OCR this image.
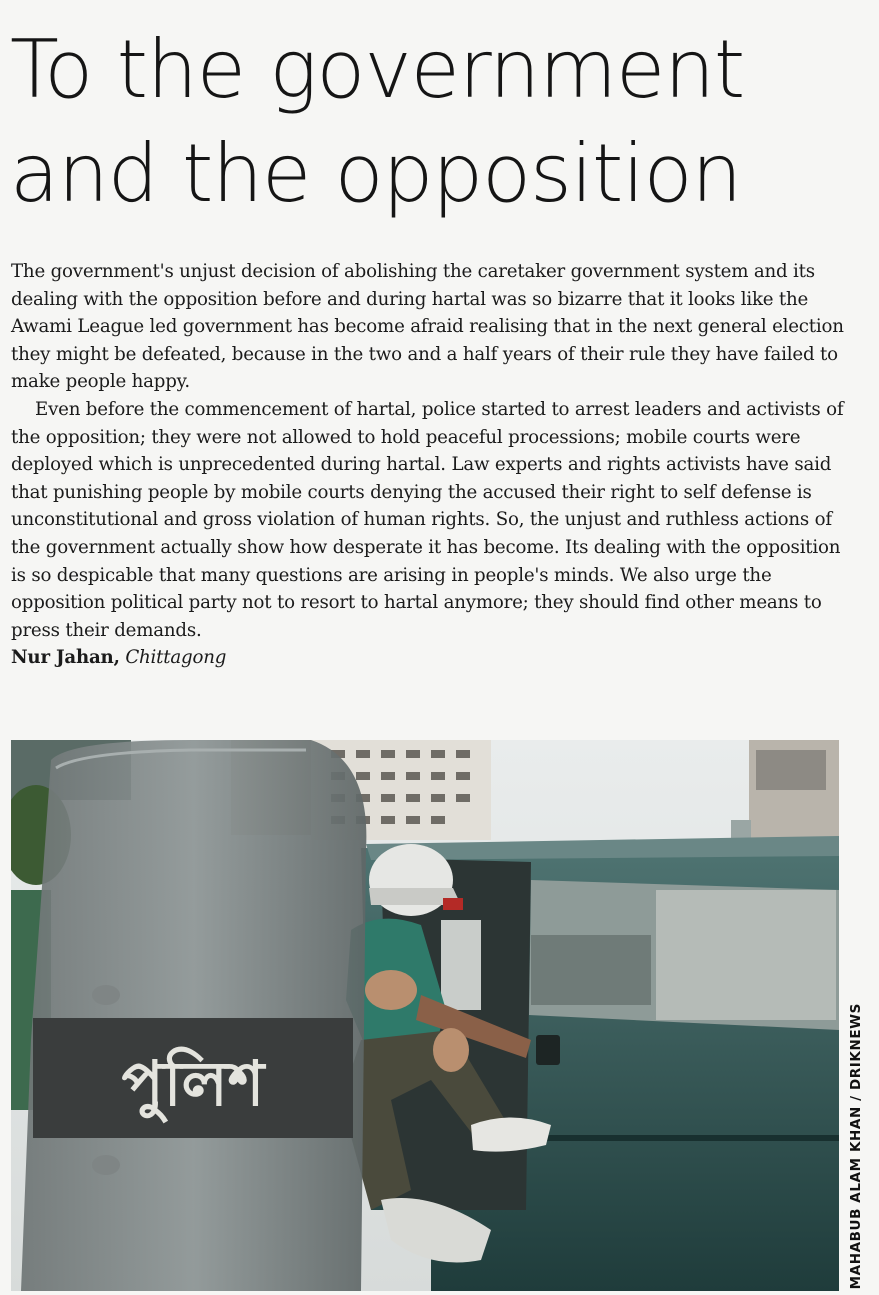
To the government
and the opposition

The government's unjust decision of abolishing the caretaker government system and its dealing with the opposition before and during hartal was so bizarre that it looks like the Awami League led government has become afraid realising that in the next general election they might be defeated, because in the two and a half years of their rule they have failed to make people happy.

Even before the commencement of hartal, police started to arrest leaders and activists of the opposition; they were not allowed to hold peaceful processions; mobile courts were deployed which is unprecedented during hartal. Law experts and rights activists have said that punishing people by mobile courts denying the accused their right to self defense is unconstitutional and gross violation of human rights. So, the unjust and ruthless actions of the government actually show how desperate it has become. Its dealing with the opposition is so despicable that many questions are arising in people's minds. We also urge the opposition political party not to resort to hartal anymore; they should find other means to press their demands.

Nur Jahan, Chittagong

পুলিশ	MAHABUB ALAM KHAN / DRIKNEWS
